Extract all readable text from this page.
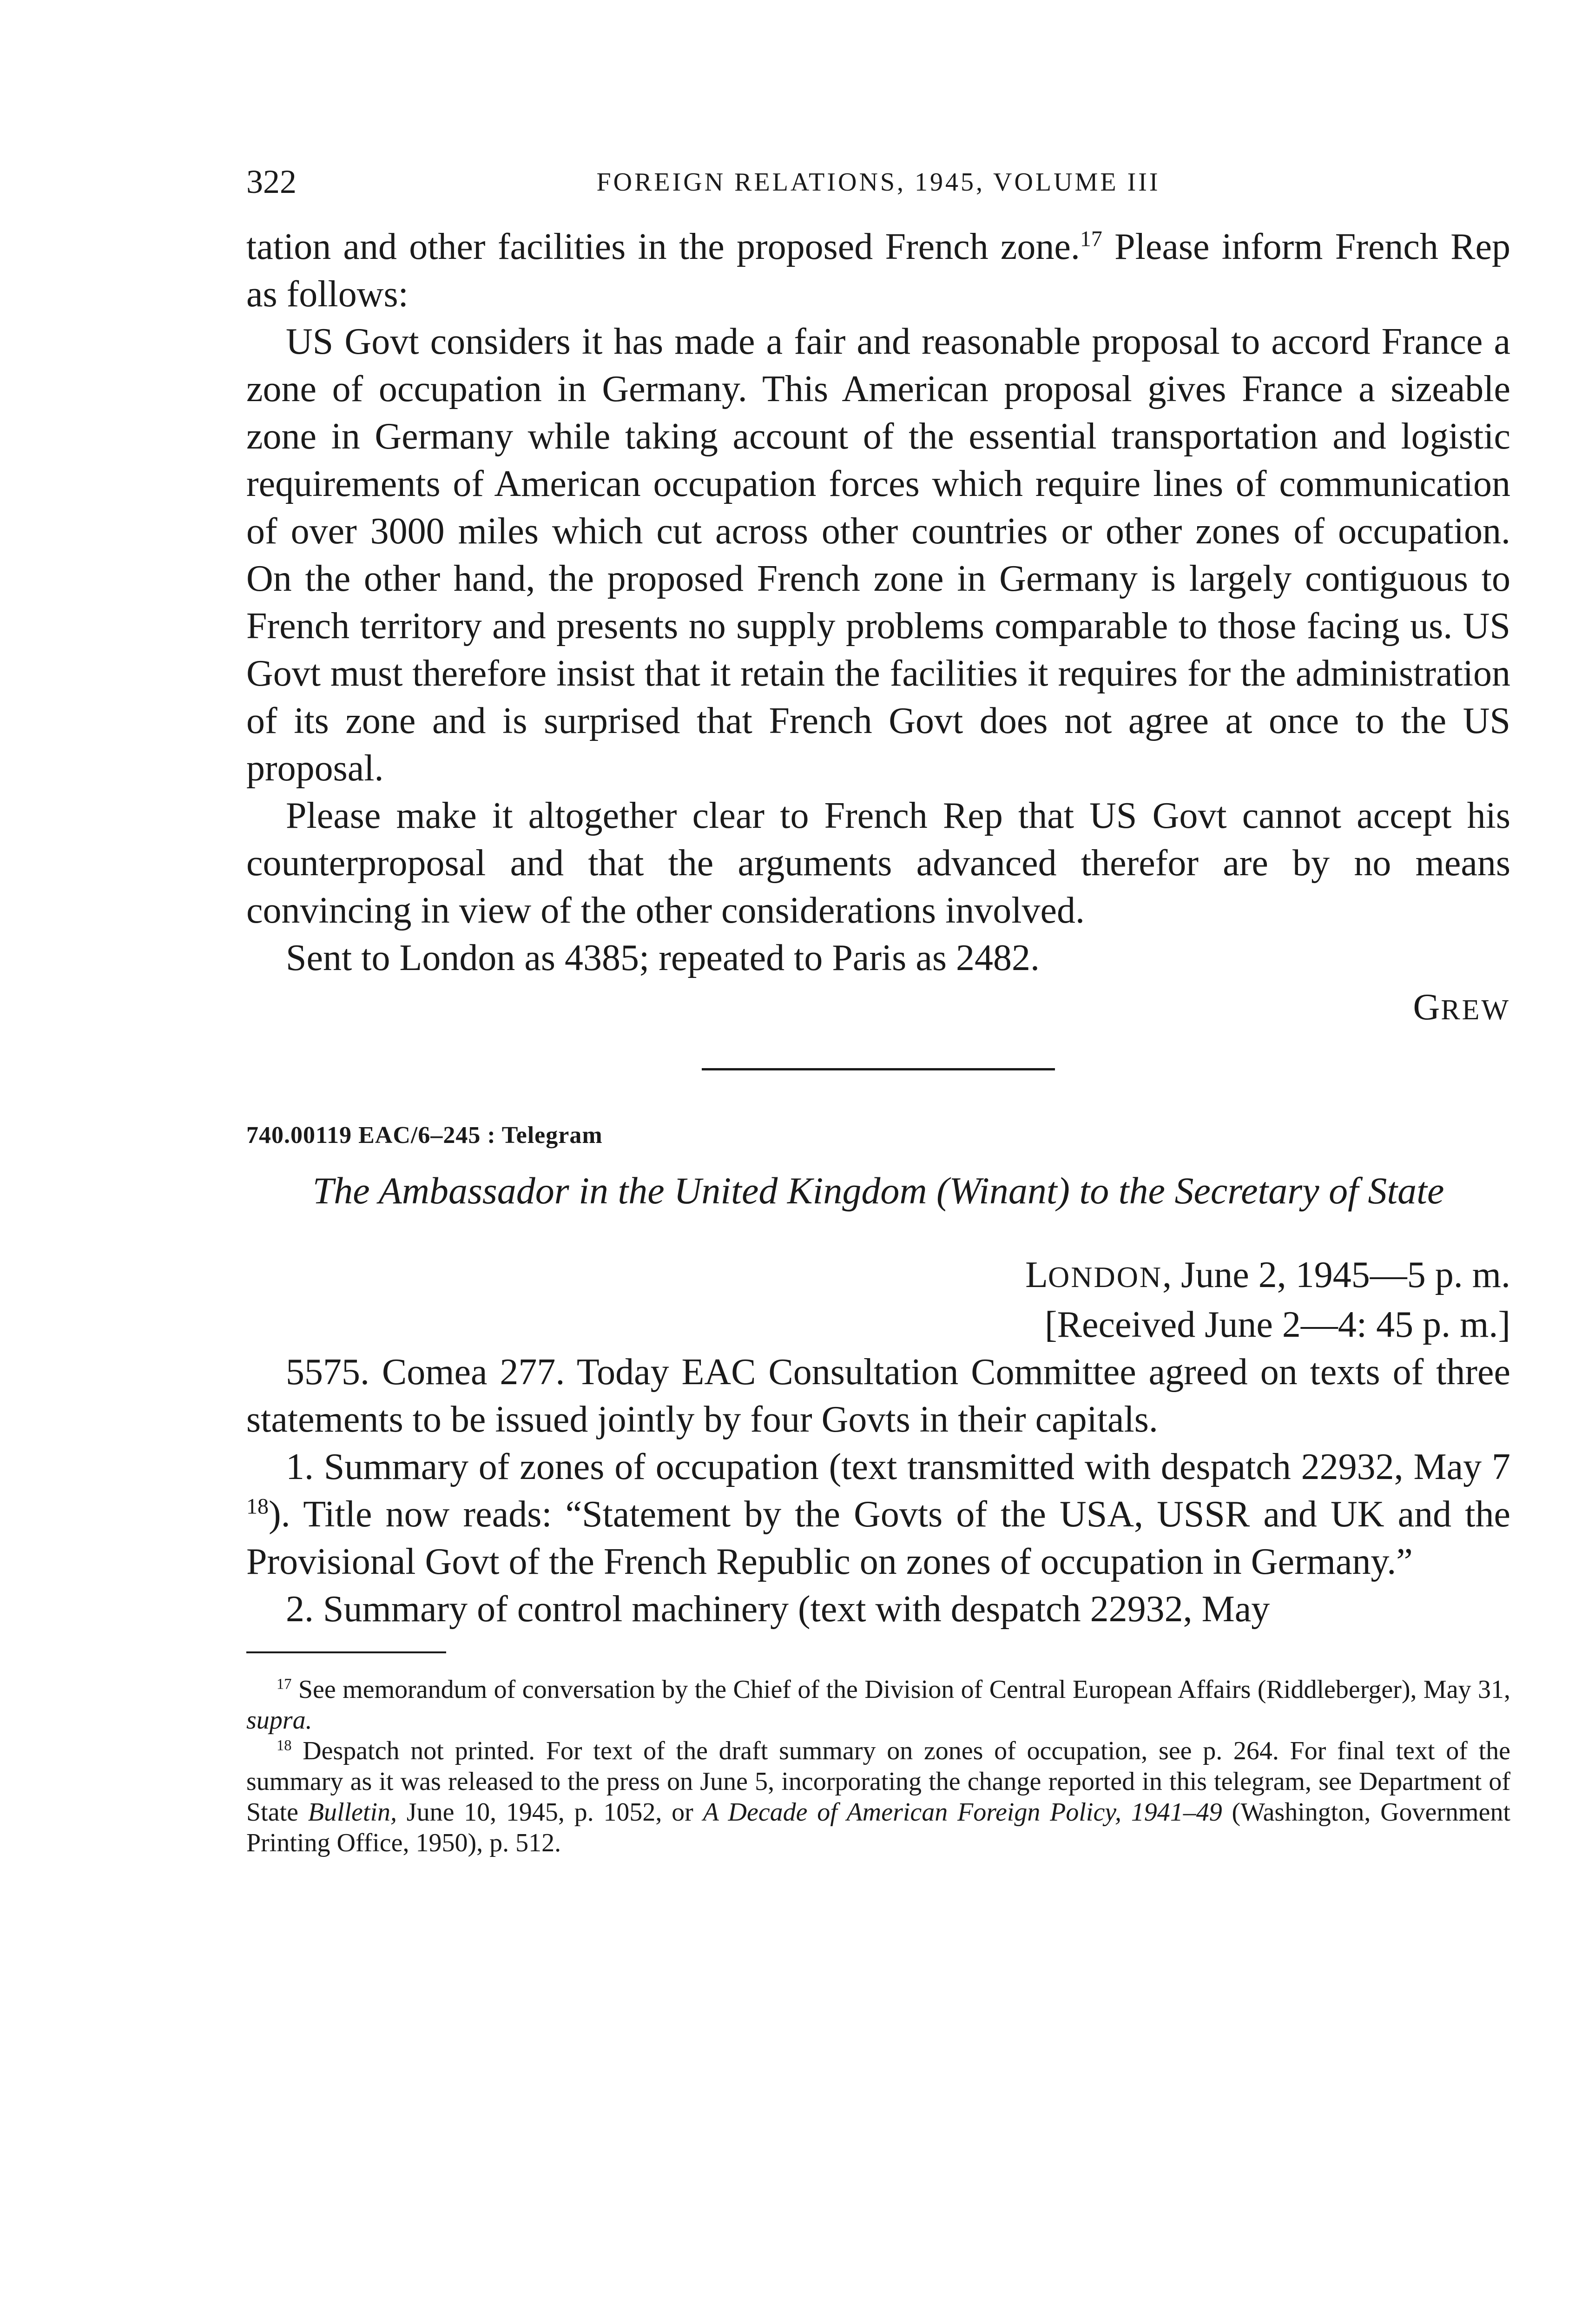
322	FOREIGN RELATIONS, 1945, VOLUME III

tation and other facilities in the proposed French zone.$^{17}$ Please inform French Rep as follows:

US Govt considers it has made a fair and reasonable proposal to accord France a zone of occupation in Germany. This American proposal gives France a sizeable zone in Germany while taking account of the essential transportation and logistic requirements of American occupation forces which require lines of communication of over 3000 miles which cut across other countries or other zones of occupation. On the other hand, the proposed French zone in Germany is largely contiguous to French territory and presents no supply problems comparable to those facing us. US Govt must therefore insist that it retain the facilities it requires for the administration of its zone and is surprised that French Govt does not agree at once to the US proposal.

Please make it altogether clear to French Rep that US Govt cannot accept his counterproposal and that the arguments advanced therefor are by no means convincing in view of the other considerations involved.

Sent to London as 4385; repeated to Paris as 2482.

GREW
740.00119 EAC/6–245 : Telegram
The Ambassador in the United Kingdom (Winant) to the Secretary of State
LONDON, June 2, 1945—5 p. m.
[Received June 2—4: 45 p. m.]

5575. Comea 277. Today EAC Consultation Committee agreed on texts of three statements to be issued jointly by four Govts in their capitals.

1. Summary of zones of occupation (text transmitted with despatch 22932, May 7 $^{18}$). Title now reads: “Statement by the Govts of the USA, USSR and UK and the Provisional Govt of the French Republic on zones of occupation in Germany.”

2. Summary of control machinery (text with despatch 22932, May

$^{17}$ See memorandum of conversation by the Chief of the Division of Central European Affairs (Riddleberger), May 31, supra.

$^{18}$ Despatch not printed. For text of the draft summary on zones of occupation, see p. 264. For final text of the summary as it was released to the press on June 5, incorporating the change reported in this telegram, see Department of State Bulletin, June 10, 1945, p. 1052, or A Decade of American Foreign Policy, 1941–49 (Washington, Government Printing Office, 1950), p. 512.
